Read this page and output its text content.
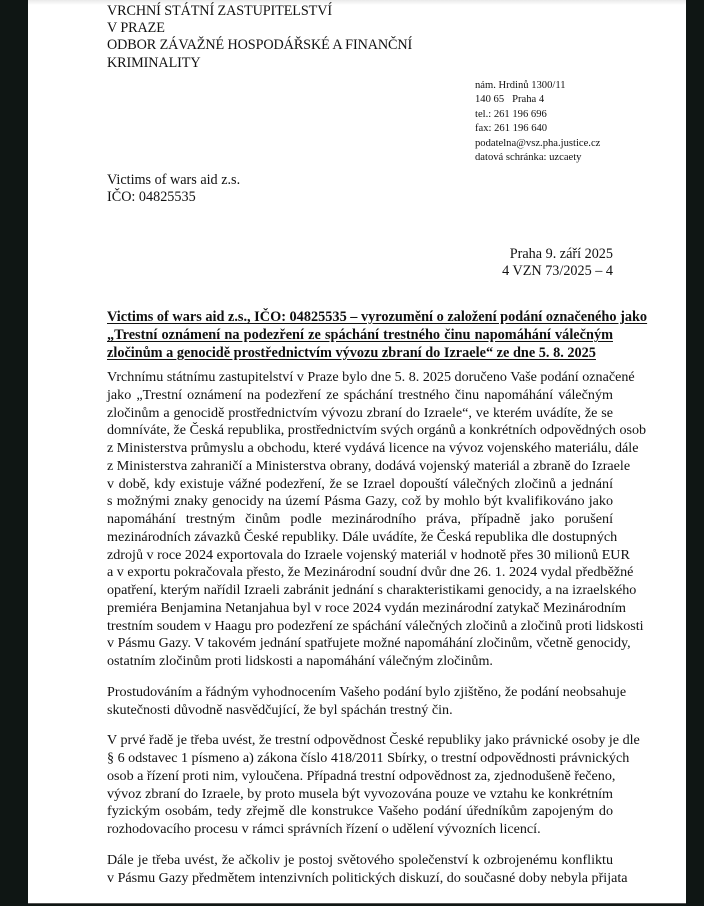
VRCHNÍ STÁTNÍ ZASTUPITELSTVÍ
V PRAZE
ODBOR ZÁVAŽNÉ HOSPODÁŘSKÉ A FINANČNÍ
KRIMINALITY
nám. Hrdinů 1300/11
140 65   Praha 4
tel.: 261 196 696
fax: 261 196 640
podatelna@vsz.pha.justice.cz
datová schránka: uzcaety
Victims of wars aid z.s.
IČO: 04825535
Praha 9. září 2025
4 VZN 73/2025 – 4
Victims of wars aid z.s., IČO: 04825535 – vyrozumění o založení podání označeného jako
„Trestní oznámení na podezření ze spáchání trestného činu napomáhání válečným
zločinům a genocidě prostřednictvím vývozu zbraní do Izraele“ ze dne 5. 8. 2025

Vrchnímu státnímu zastupitelství v Praze bylo dne 5. 8. 2025 doručeno Vaše podání označené
jako „Trestní oznámení na podezření ze spáchání trestného činu napomáhání válečným
zločinům a genocidě prostřednictvím vývozu zbraní do Izraele“, ve kterém uvádíte, že se
domníváte, že Česká republika, prostřednictvím svých orgánů a konkrétních odpovědných osob
z Ministerstva průmyslu a obchodu, které vydává licence na vývoz vojenského materiálu, dále
z Ministerstva zahraničí a Ministerstva obrany, dodává vojenský materiál a zbraně do Izraele
v době, kdy existuje vážné podezření, že se Izrael dopouští válečných zločinů a jednání
s možnými znaky genocidy na území Pásma Gazy, což by mohlo být kvalifikováno jako
napomáhání trestným činům podle mezinárodního práva, případně jako porušení
mezinárodních závazků České republiky. Dále uvádíte, že Česká republika dle dostupných
zdrojů v roce 2024 exportovala do Izraele vojenský materiál v hodnotě přes 30 milionů EUR
a v exportu pokračovala přesto, že Mezinárodní soudní dvůr dne 26. 1. 2024 vydal předběžné
opatření, kterým nařídil Izraeli zabránit jednání s charakteristikami genocidy, a na izraelského
premiéra Benjamina Netanjahua byl v roce 2024 vydán mezinárodní zatykač Mezinárodním
trestním soudem v Haagu pro podezření ze spáchání válečných zločinů a zločinů proti lidskosti
v Pásmu Gazy. V takovém jednání spatřujete možné napomáhání zločinům, včetně genocidy,
ostatním zločinům proti lidskosti a napomáhání válečným zločinům.

Prostudováním a řádným vyhodnocením Vašeho podání bylo zjištěno, že podání neobsahuje
skutečnosti důvodně nasvědčující, že byl spáchán trestný čin.

V prvé řadě je třeba uvést, že trestní odpovědnost České republiky jako právnické osoby je dle
§ 6 odstavec 1 písmeno a) zákona číslo 418/2011 Sbírky, o trestní odpovědnosti právnických
osob a řízení proti nim, vyloučena. Případná trestní odpovědnost za, zjednodušeně řečeno,
vývoz zbraní do Izraele, by proto musela být vyvozována pouze ve vztahu ke konkrétním
fyzickým osobám, tedy zřejmě dle konstrukce Vašeho podání úředníkům zapojeným do
rozhodovacího procesu v rámci správních řízení o udělení vývozních licencí.

Dále je třeba uvést, že ačkoliv je postoj světového společenství k ozbrojenému konfliktu
v Pásmu Gazy předmětem intenzivních politických diskuzí, do současné doby nebyla přijata
